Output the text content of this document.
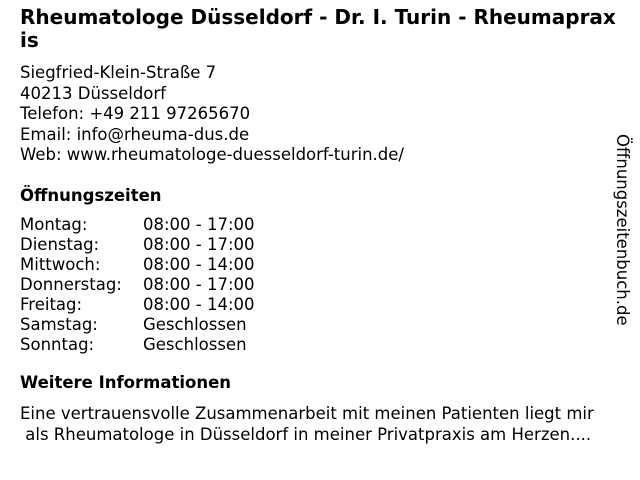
Rheumatologe Düsseldorf - Dr. I. Turin - Rheumapraxis
Siegfried-Klein-Straße 7
40213 Düsseldorf
Telefon: +49 211 97265670
Email: info@rheuma-dus.de
Web: www.rheumatologe-duesseldorf-turin.de/
Öffnungszeiten
Montag:	08:00 - 17:00
Dienstag:	08:00 - 17:00
Mittwoch:	08:00 - 14:00
Donnerstag:	08:00 - 17:00
Freitag:	08:00 - 14:00
Samstag:	Geschlossen
Sonntag:	Geschlossen
Weitere Informationen
Eine vertrauensvolle Zusammenarbeit mit meinen Patienten liegt mir
als Rheumatologe in Düsseldorf in meiner Privatpraxis am Herzen....
Öffnungszeitenbuch.de
